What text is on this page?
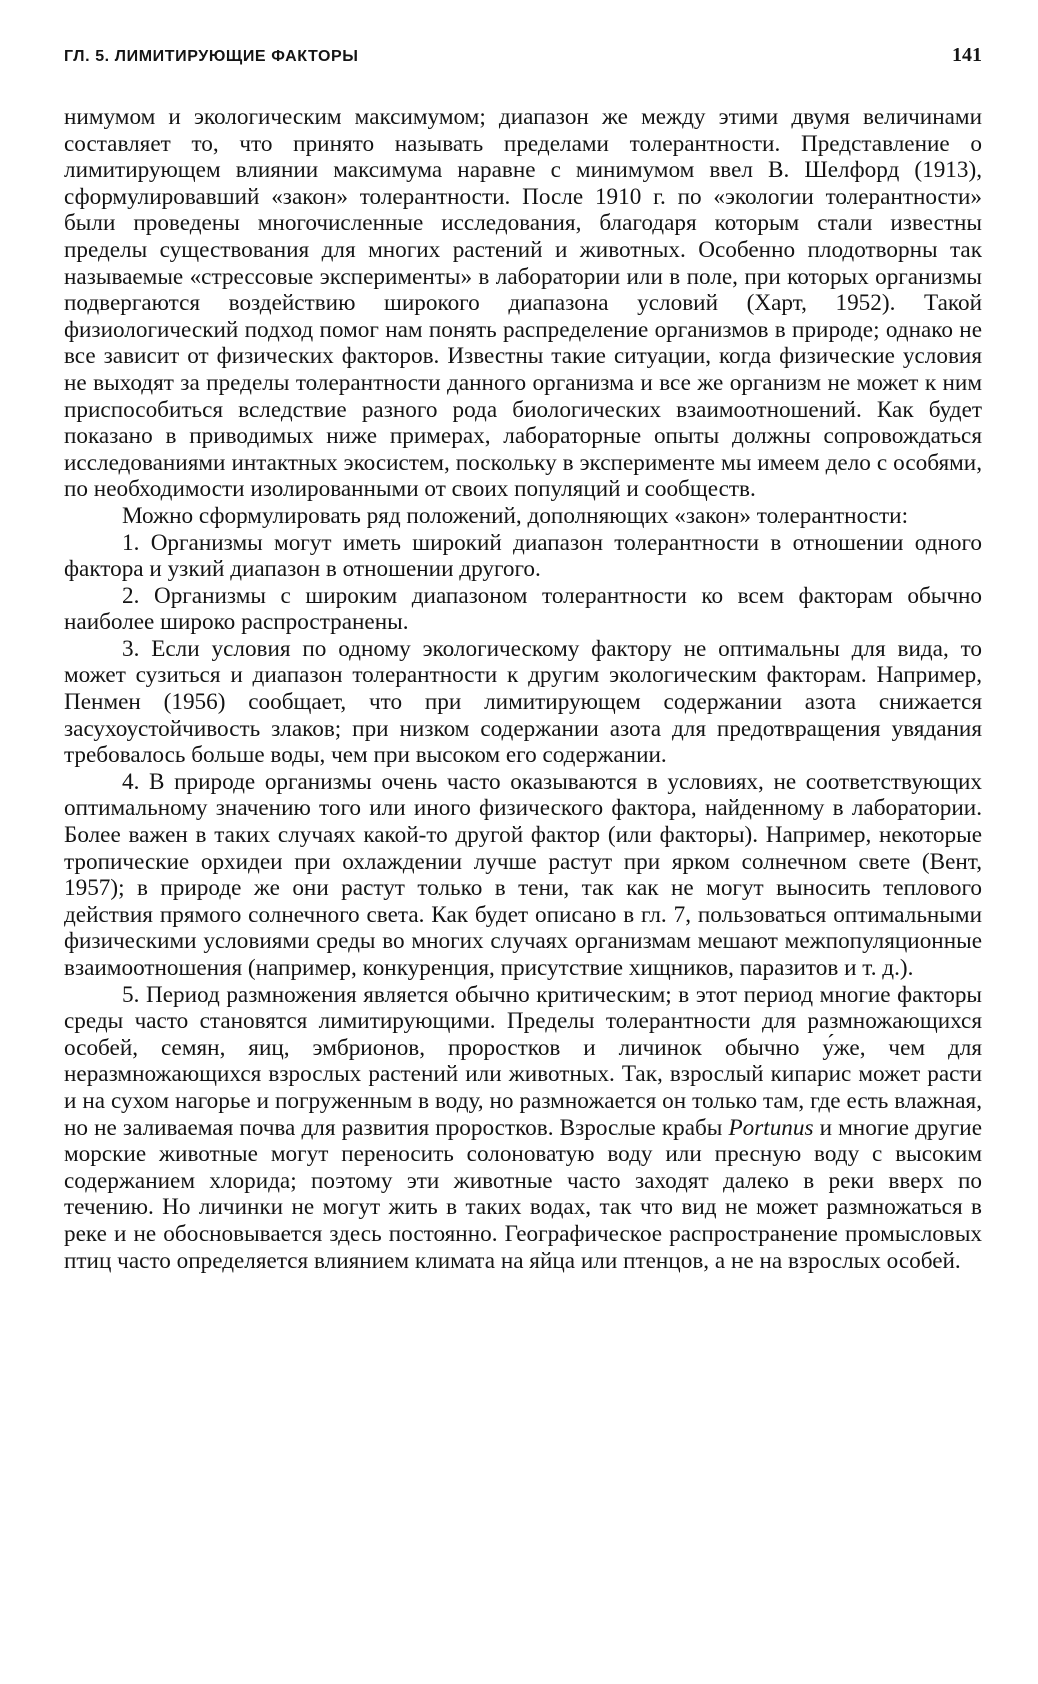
ГЛ. 5. ЛИМИТИРУЮЩИЕ ФАКТОРЫ	141

нимумом и экологическим максимумом; диапазон же между этими двумя величинами составляет то, что принято называть пределами толерантности. Представление о лимитирующем влиянии максимума наравне с минимумом ввел В. Шелфорд (1913), сформулировавший «закон» толерантности. После 1910 г. по «экологии толерантности» были проведены многочисленные исследования, благодаря которым стали известны пределы существования для многих растений и животных. Особенно плодотворны так называемые «стрессовые эксперименты» в лаборатории или в поле, при которых организмы подвергаются воздействию широкого диапазона условий (Харт, 1952). Такой физиологический подход помог нам понять распределение организмов в природе; однако не все зависит от физических факторов. Известны такие ситуации, когда физические условия не выходят за пределы толерантности данного организма и все же организм не может к ним приспособиться вследствие разного рода биологических взаимоотношений. Как будет показано в приводимых ниже примерах, лабораторные опыты должны сопровождаться исследованиями интактных экосистем, поскольку в эксперименте мы имеем дело с особями, по необходимости изолированными от своих популяций и сообществ.

Можно сформулировать ряд положений, дополняющих «закон» толерантности:

1. Организмы могут иметь широкий диапазон толерантности в отношении одного фактора и узкий диапазон в отношении другого.

2. Организмы с широким диапазоном толерантности ко всем факторам обычно наиболее широко распространены.

3. Если условия по одному экологическому фактору не оптимальны для вида, то может сузиться и диапазон толерантности к другим экологическим факторам. Например, Пенмен (1956) сообщает, что при лимитирующем содержании азота снижается засухоустойчивость злаков; при низком содержании азота для предотвращения увядания требовалось больше воды, чем при высоком его содержании.

4. В природе организмы очень часто оказываются в условиях, не соответствующих оптимальному значению того или иного физического фактора, найденному в лаборатории. Более важен в таких случаях какой-то другой фактор (или факторы). Например, некоторые тропические орхидеи при охлаждении лучше растут при ярком солнечном свете (Вент, 1957); в природе же они растут только в тени, так как не могут выносить теплового действия прямого солнечного света. Как будет описано в гл. 7, пользоваться оптимальными физическими условиями среды во многих случаях организмам мешают межпопуляционные взаимоотношения (например, конкуренция, присутствие хищников, паразитов и т. д.).

5. Период размножения является обычно критическим; в этот период многие факторы среды часто становятся лимитирующими. Пределы толерантности для размножающихся особей, семян, яиц, эмбрионов, проростков и личинок обычно у́же, чем для неразмножающихся взрослых растений или животных. Так, взрослый кипарис может расти и на сухом нагорье и погруженным в воду, но размножается он только там, где есть влажная, но не заливаемая почва для развития проростков. Взрослые крабы Portunus и многие другие морские животные могут переносить солоноватую воду или пресную воду с высоким содержанием хлорида; поэтому эти животные часто заходят далеко в реки вверх по течению. Но личинки не могут жить в таких водах, так что вид не может размножаться в реке и не обосновывается здесь постоянно. Географическое распространение промысловых птиц часто определяется влиянием климата на яйца или птенцов, а не на взрослых особей.
